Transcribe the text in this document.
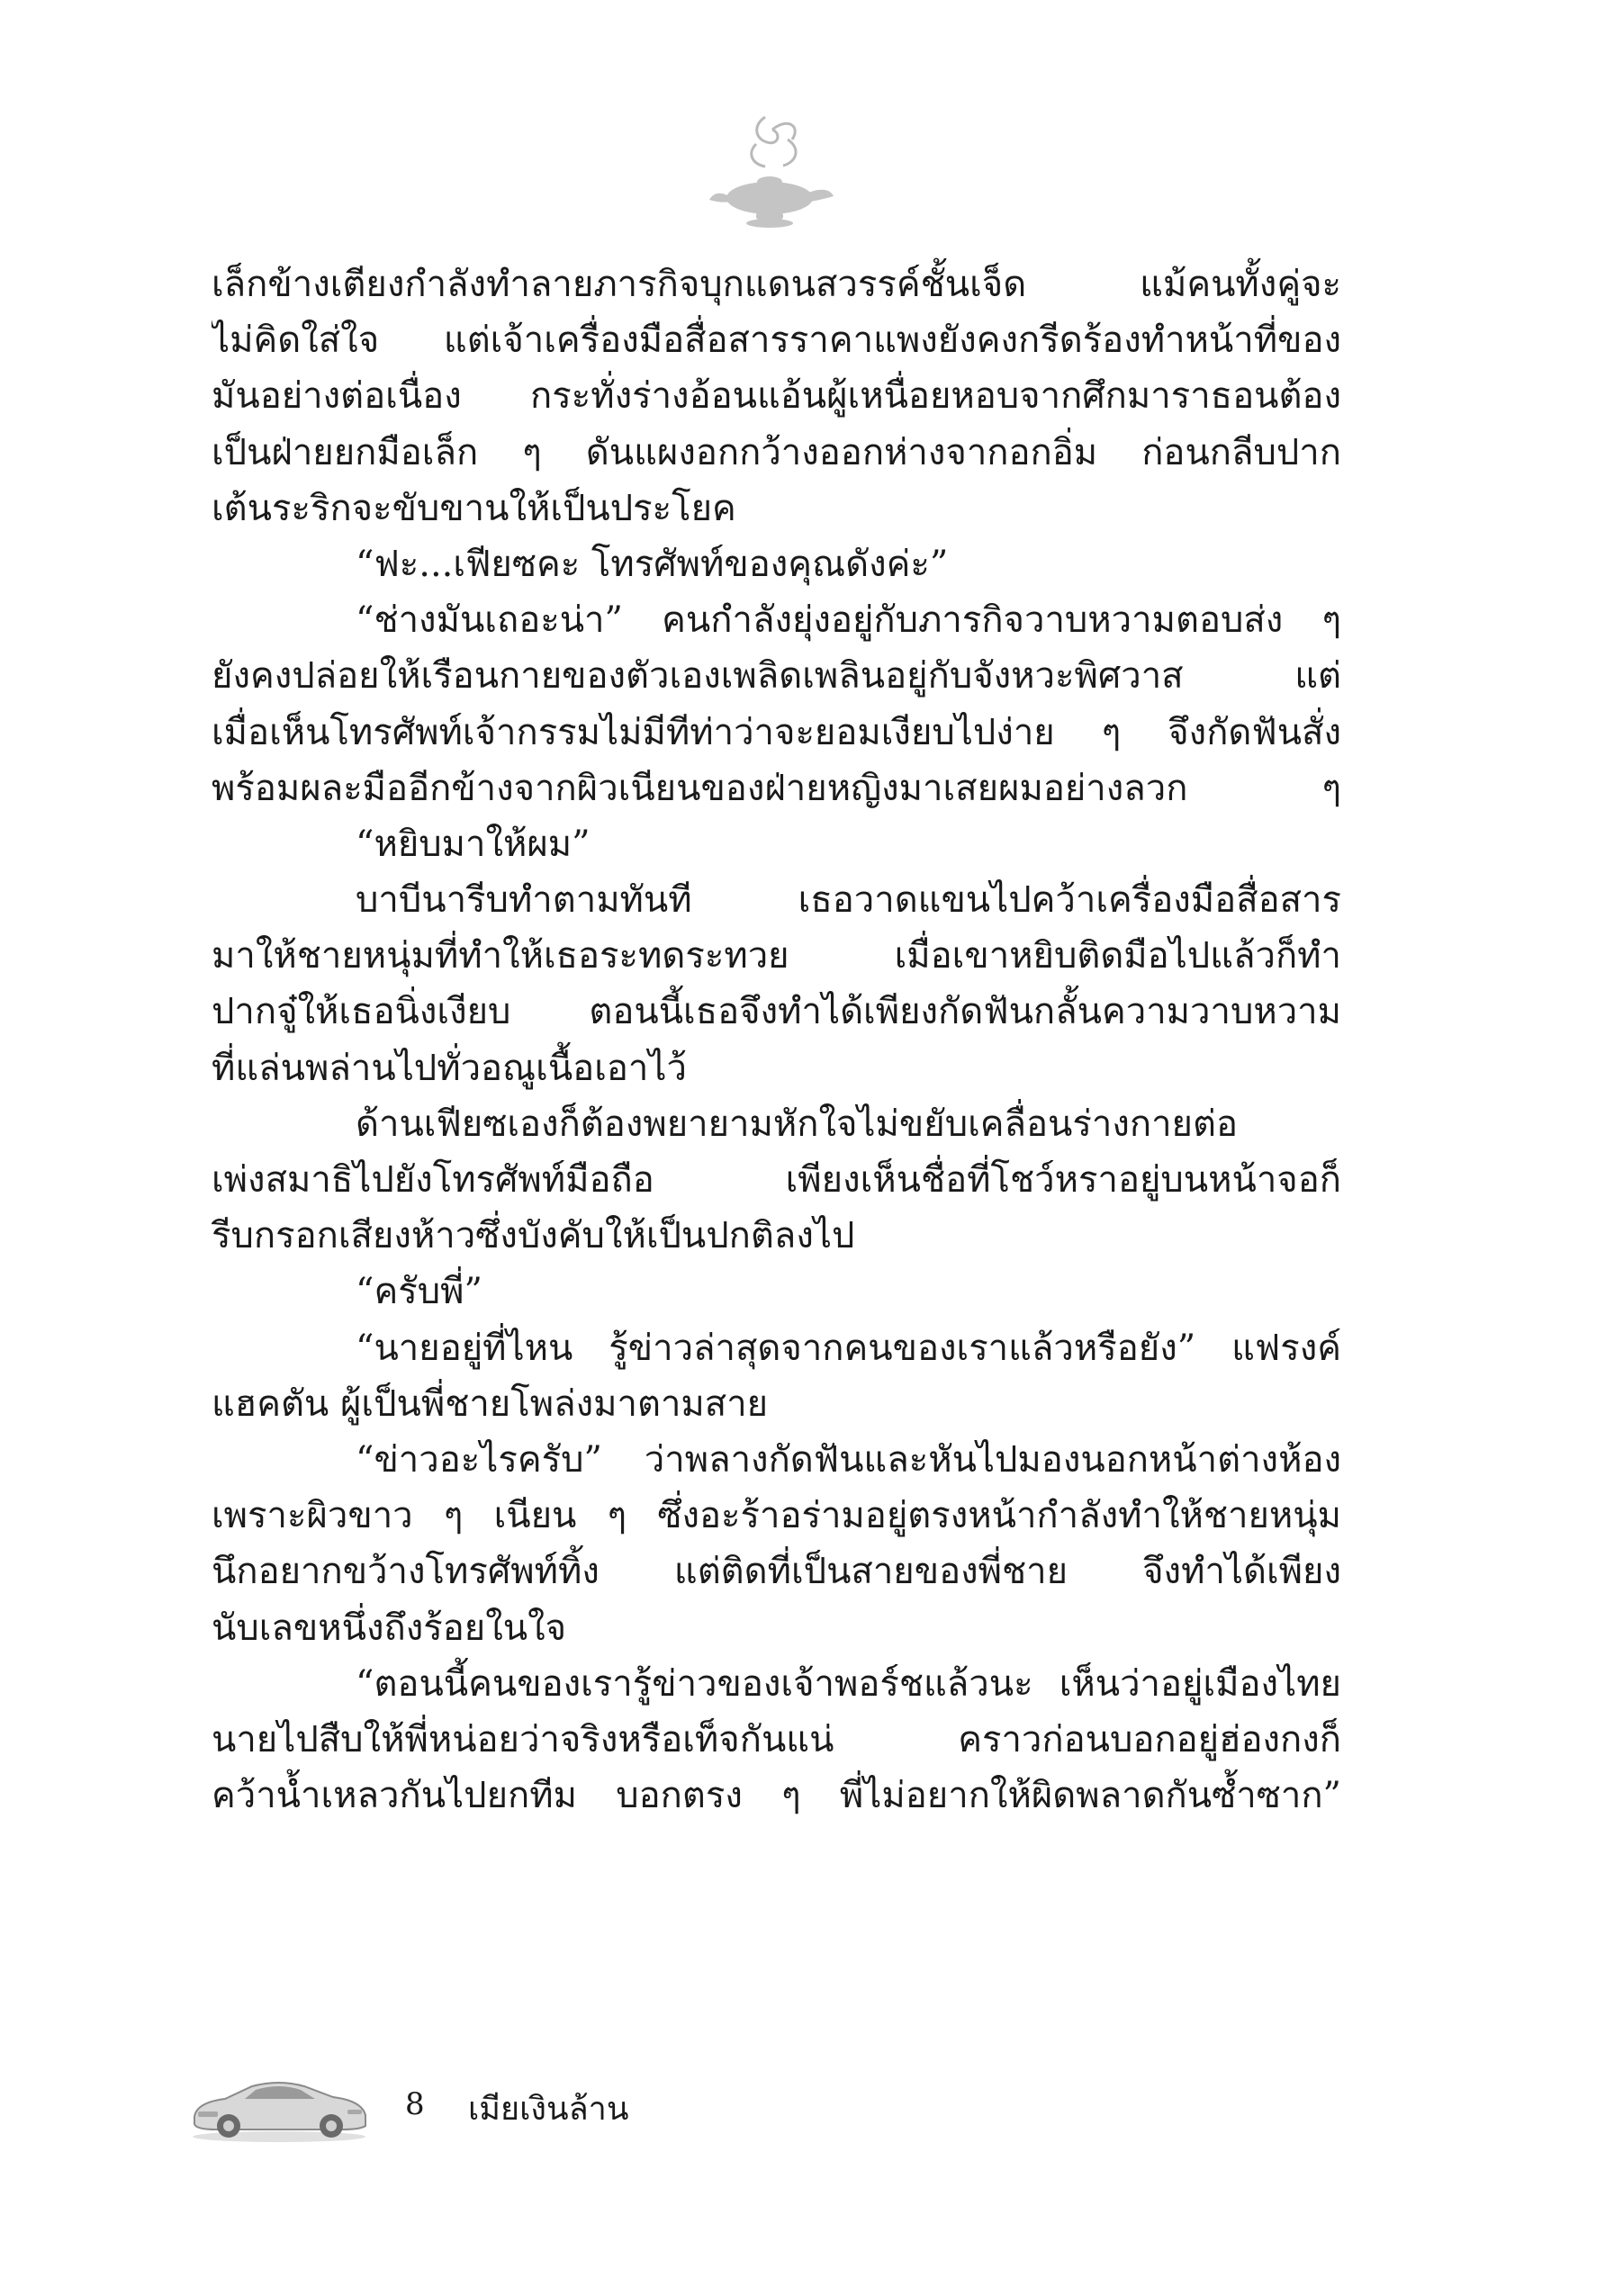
เล็กข้างเตียงกำลังทำลายภารกิจบุกแดนสวรรค์ชั้นเจ็ด แม้คนทั้งคู่จะ
ไม่คิดใส่ใจ แต่เจ้าเครื่องมือสื่อสารราคาแพงยังคงกรีดร้องทำหน้าที่ของ
มันอย่างต่อเนื่อง กระทั่งร่างอ้อนแอ้นผู้เหนื่อยหอบจากศึกมาราธอนต้อง
เป็นฝ่ายยกมือเล็ก ๆ ดันแผงอกกว้างออกห่างจากอกอิ่ม ก่อนกลีบปาก
เต้นระริกจะขับขานให้เป็นประโยค
“ฟะ...เฟียซคะ โทรศัพท์ของคุณดังค่ะ”
“ช่างมันเถอะน่า” คนกำลังยุ่งอยู่กับภารกิจวาบหวามตอบส่ง ๆ
ยังคงปล่อยให้เรือนกายของตัวเองเพลิดเพลินอยู่กับจังหวะพิศวาส แต่
เมื่อเห็นโทรศัพท์เจ้ากรรมไม่มีทีท่าว่าจะยอมเงียบไปง่าย ๆ จึงกัดฟันสั่ง
พร้อมผละมืออีกข้างจากผิวเนียนของฝ่ายหญิงมาเสยผมอย่างลวก ๆ
“หยิบมาให้ผม”
บาบีนารีบทำตามทันที เธอวาดแขนไปคว้าเครื่องมือสื่อสาร
มาให้ชายหนุ่มที่ทำให้เธอระทดระทวย เมื่อเขาหยิบติดมือไปแล้วก็ทำ
ปากจู๋ให้เธอนิ่งเงียบ ตอนนี้เธอจึงทำได้เพียงกัดฟันกลั้นความวาบหวาม
ที่แล่นพล่านไปทั่วอณูเนื้อเอาไว้
ด้านเฟียซเองก็ต้องพยายามหักใจไม่ขยับเคลื่อนร่างกายต่อ
เพ่งสมาธิไปยังโทรศัพท์มือถือ เพียงเห็นชื่อที่โชว์หราอยู่บนหน้าจอก็
รีบกรอกเสียงห้าวซึ่งบังคับให้เป็นปกติลงไป
“ครับพี่”
“นายอยู่ที่ไหน รู้ข่าวล่าสุดจากคนของเราแล้วหรือยัง” แฟรงค์
แฮคตัน ผู้เป็นพี่ชายโพล่งมาตามสาย
“ข่าวอะไรครับ” ว่าพลางกัดฟันและหันไปมองนอกหน้าต่างห้อง
เพราะผิวขาว ๆ เนียน ๆ ซึ่งอะร้าอร่ามอยู่ตรงหน้ากำลังทำให้ชายหนุ่ม
นึกอยากขว้างโทรศัพท์ทิ้ง แต่ติดที่เป็นสายของพี่ชาย จึงทำได้เพียง
นับเลขหนึ่งถึงร้อยในใจ
“ตอนนี้คนของเรารู้ข่าวของเจ้าพอร์ชแล้วนะ เห็นว่าอยู่เมืองไทย
นายไปสืบให้พี่หน่อยว่าจริงหรือเท็จกันแน่ คราวก่อนบอกอยู่ฮ่องกงก็
คว้าน้ำเหลวกันไปยกทีม บอกตรง ๆ พี่ไม่อยากให้ผิดพลาดกันซ้ำซาก”
8 เมียเงินล้าน
